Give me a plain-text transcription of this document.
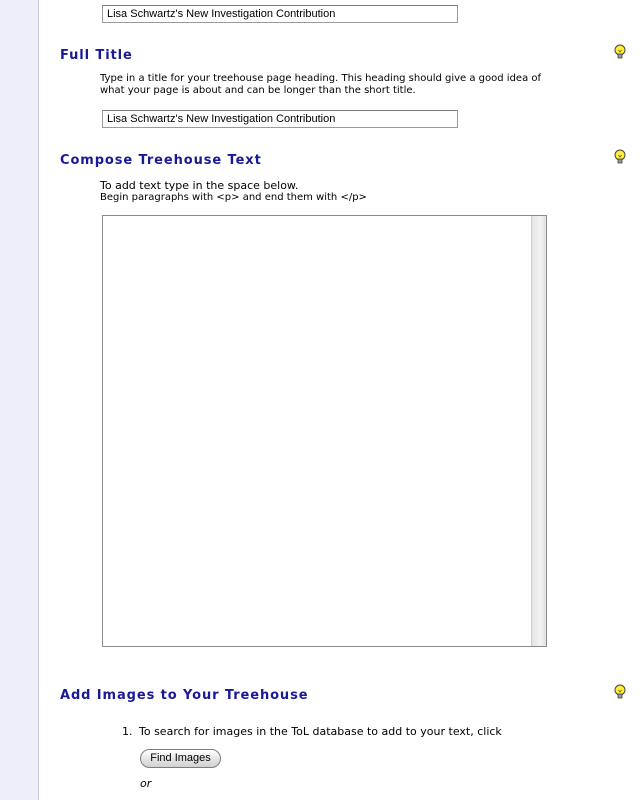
Lisa Schwartz's New Investigation Contribution
Full Title
Type in a title for your treehouse page heading. This heading should give a good idea of
what your page is about and can be longer than the short title.
Lisa Schwartz's New Investigation Contribution
Compose Treehouse Text
To add text type in the space below.
Begin paragraphs with <p> and end them with </p>
Add Images to Your Treehouse
1. To search for images in the ToL database to add to your text, click
Find Images
or
